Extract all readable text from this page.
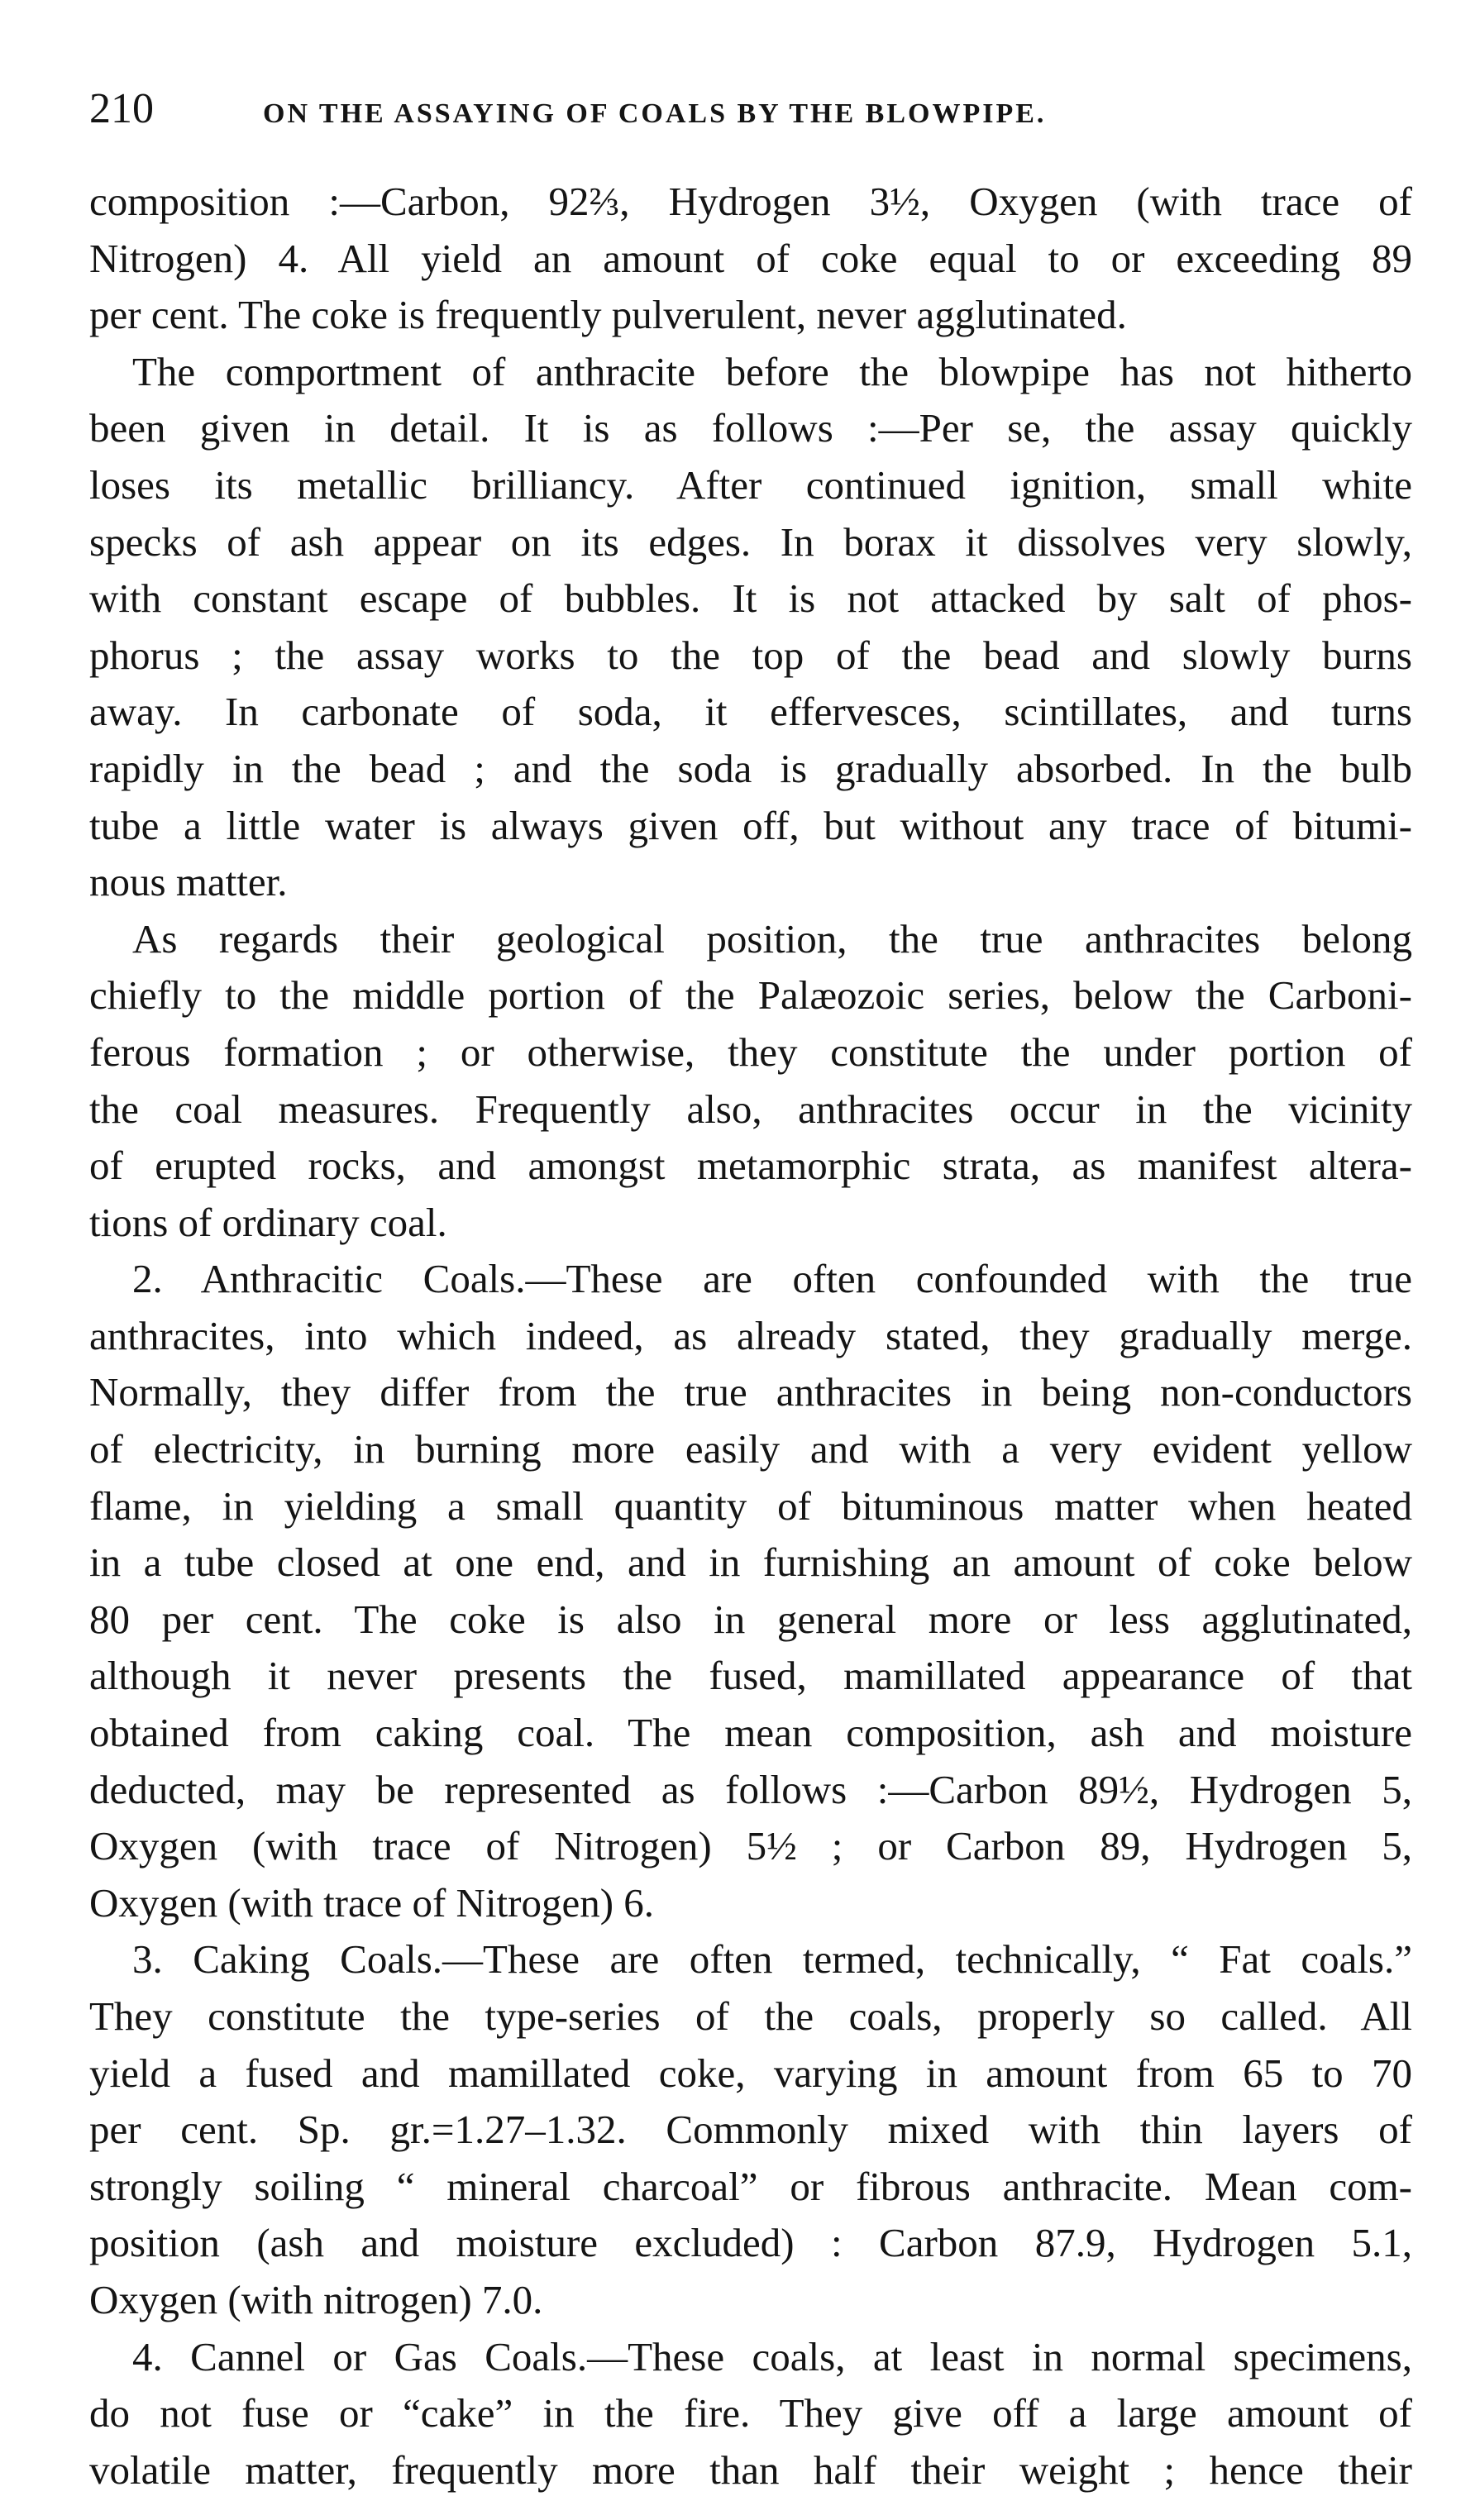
210	ON THE ASSAYING OF COALS BY THE BLOWPIPE.
composition :—Carbon, 92⅔, Hydrogen 3½, Oxygen (with trace of
Nitrogen) 4. All yield an amount of coke equal to or exceeding 89
per cent. The coke is frequently pulverulent, never agglutinated.
The comportment of anthracite before the blowpipe has not hitherto
been given in detail. It is as follows :—Per se, the assay quickly
loses its metallic brilliancy. After continued ignition, small white
specks of ash appear on its edges. In borax it dissolves very slowly,
with constant escape of bubbles. It is not attacked by salt of phos-
phorus ; the assay works to the top of the bead and slowly burns
away. In carbonate of soda, it effervesces, scintillates, and turns
rapidly in the bead ; and the soda is gradually absorbed. In the bulb
tube a little water is always given off, but without any trace of bitumi-
nous matter.
As regards their geological position, the true anthracites belong
chiefly to the middle portion of the Palæozoic series, below the Carboni-
ferous formation ; or otherwise, they constitute the under portion of
the coal measures. Frequently also, anthracites occur in the vicinity
of erupted rocks, and amongst metamorphic strata, as manifest altera-
tions of ordinary coal.
2. Anthracitic Coals.—These are often confounded with the true
anthracites, into which indeed, as already stated, they gradually merge.
Normally, they differ from the true anthracites in being non-conductors
of electricity, in burning more easily and with a very evident yellow
flame, in yielding a small quantity of bituminous matter when heated
in a tube closed at one end, and in furnishing an amount of coke below
80 per cent. The coke is also in general more or less agglutinated,
although it never presents the fused, mamillated appearance of that
obtained from caking coal. The mean composition, ash and moisture
deducted, may be represented as follows :—Carbon 89½, Hydrogen 5,
Oxygen (with trace of Nitrogen) 5½ ; or Carbon 89, Hydrogen 5,
Oxygen (with trace of Nitrogen) 6.
3. Caking Coals.—These are often termed, technically, “ Fat coals.”
They constitute the type-series of the coals, properly so called. All
yield a fused and mamillated coke, varying in amount from 65 to 70
per cent. Sp. gr.=1.27–1.32. Commonly mixed with thin layers of
strongly soiling “ mineral charcoal” or fibrous anthracite. Mean com-
position (ash and moisture excluded) : Carbon 87.9, Hydrogen 5.1,
Oxygen (with nitrogen) 7.0.
4. Cannel or Gas Coals.—These coals, at least in normal specimens,
do not fuse or “cake” in the fire. They give off a large amount of
volatile matter, frequently more than half their weight ; hence their
